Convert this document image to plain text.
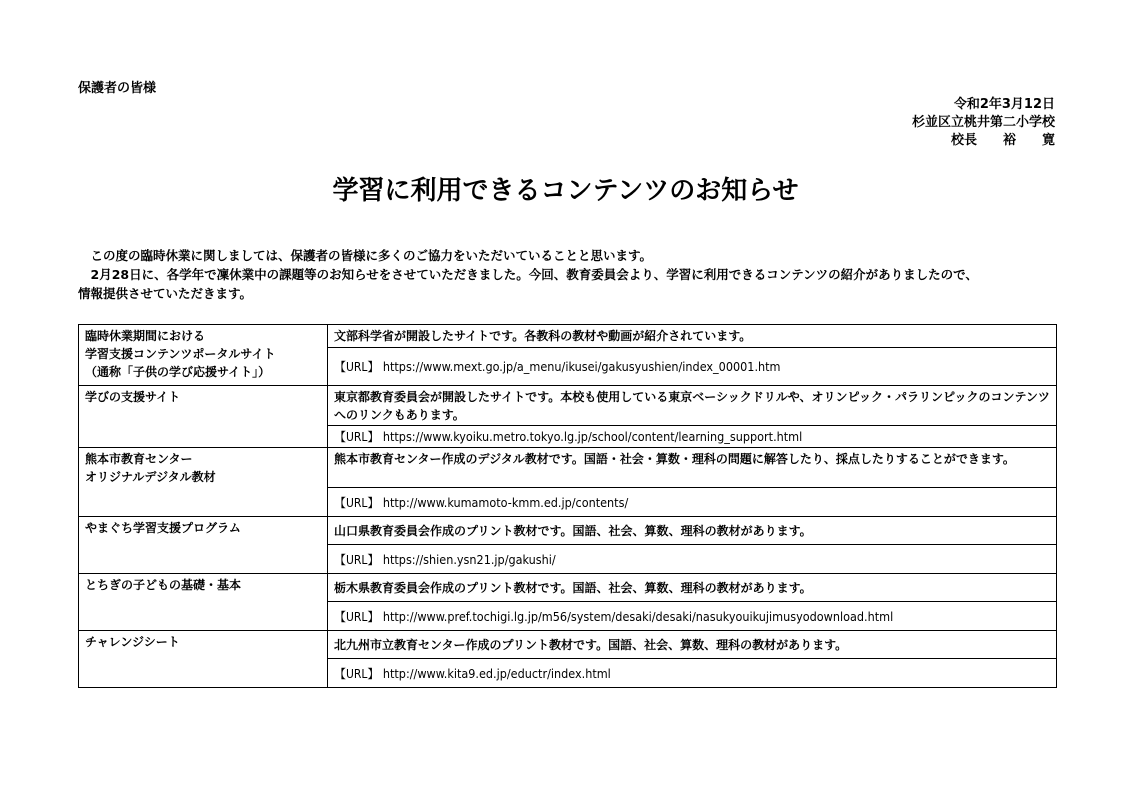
保護者の皆様
令和2年3月12日
杉並区立桃井第二小学校
校長　　裕　　寛
学習に利用できるコンテンツのお知らせ

この度の臨時休業に関しましては、保護者の皆様に多くのご協力をいただいていることと思います。

2月28日に、各学年で凜休業中の課題等のお知らせをさせていただきました。今回、教育委員会より、学習に利用できるコンテンツの紹介がありましたので、

情報提供させていただきます。

臨時休業期間における
学習支援コンテンツポータルサイト
（通称「子供の学び応援サイト」）	文部科学省が開設したサイトです。各教科の教材や動画が紹介されています。
	【URL】 https://www.mext.go.jp/a_menu/ikusei/gakusyushien/index_00001.htm

学びの支援サイト	東京都教育委員会が開設したサイトです。本校も使用している東京ベーシックドリルや、オリンピック・パラリンピックのコンテンツへのリンクもあります。
	【URL】 https://www.kyoiku.metro.tokyo.lg.jp/school/content/learning_support.html

熊本市教育センター
オリジナルデジタル教材	熊本市教育センター作成のデジタル教材です。国語・社会・算数・理科の問題に解答したり、採点したりすることができます。
	【URL】 http://www.kumamoto-kmm.ed.jp/contents/

やまぐち学習支援プログラム	山口県教育委員会作成のプリント教材です。国語、社会、算数、理科の教材があります。
	【URL】 https://shien.ysn21.jp/gakushi/

とちぎの子どもの基礎・基本	栃木県教育委員会作成のプリント教材です。国語、社会、算数、理科の教材があります。
	【URL】 http://www.pref.tochigi.lg.jp/m56/system/desaki/desaki/nasukyouikujimusyodownload.html

チャレンジシート	北九州市立教育センター作成のプリント教材です。国語、社会、算数、理科の教材があります。
	【URL】 http://www.kita9.ed.jp/eductr/index.html
